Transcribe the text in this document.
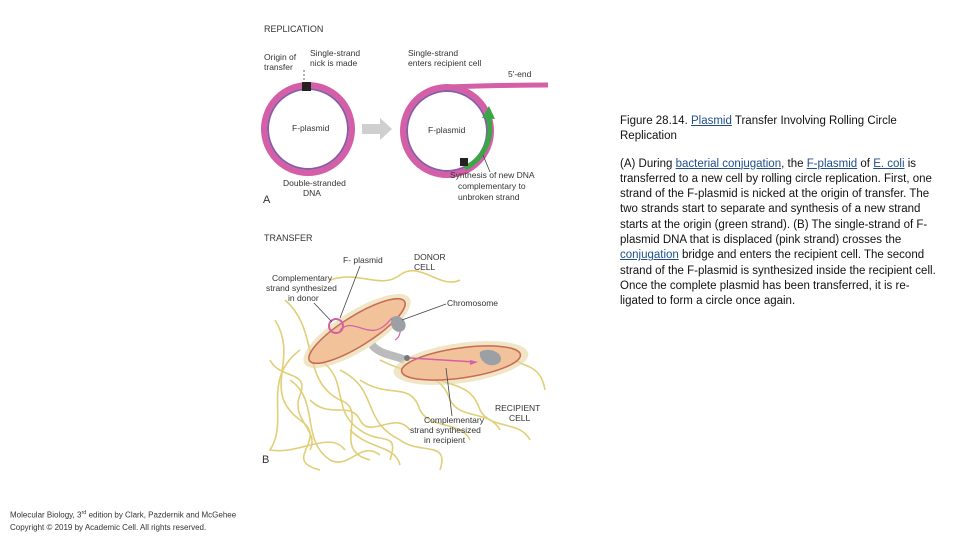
REPLICATION
Origin of
transfer
Single-strand
nick is made
F-plasmid
Double-stranded
DNA
A
Single-strand
enters recipient cell
5'-end
F-plasmid
Synthesis of new DNA
complementary to
unbroken strand
TRANSFER
F- plasmid	DONOR
CELL
Complementary
strand synthesized
in donor	Chromosome
RECIPIENT
CELL
Complementary
strand synthesized
in recipient
B

Figure 28.14. Plasmid Transfer Involving Rolling Circle Replication

(A) During bacterial conjugation, the F-plasmid of E. coli is transferred to a new cell by rolling circle replication. First, one strand of the F-plasmid is nicked at the origin of transfer. The two strands start to separate and synthesis of a new strand starts at the origin (green strand). (B) The single-strand of F-plasmid DNA that is displaced (pink strand) crosses the conjugation bridge and enters the recipient cell. The second strand of the F-plasmid is synthesized inside the recipient cell. Once the complete plasmid has been transferred, it is re-ligated to form a circle once again.

Molecular Biology, 3rd edition by Clark, Pazdernik and McGehee
Copyright © 2019 by Academic Cell. All rights reserved.
